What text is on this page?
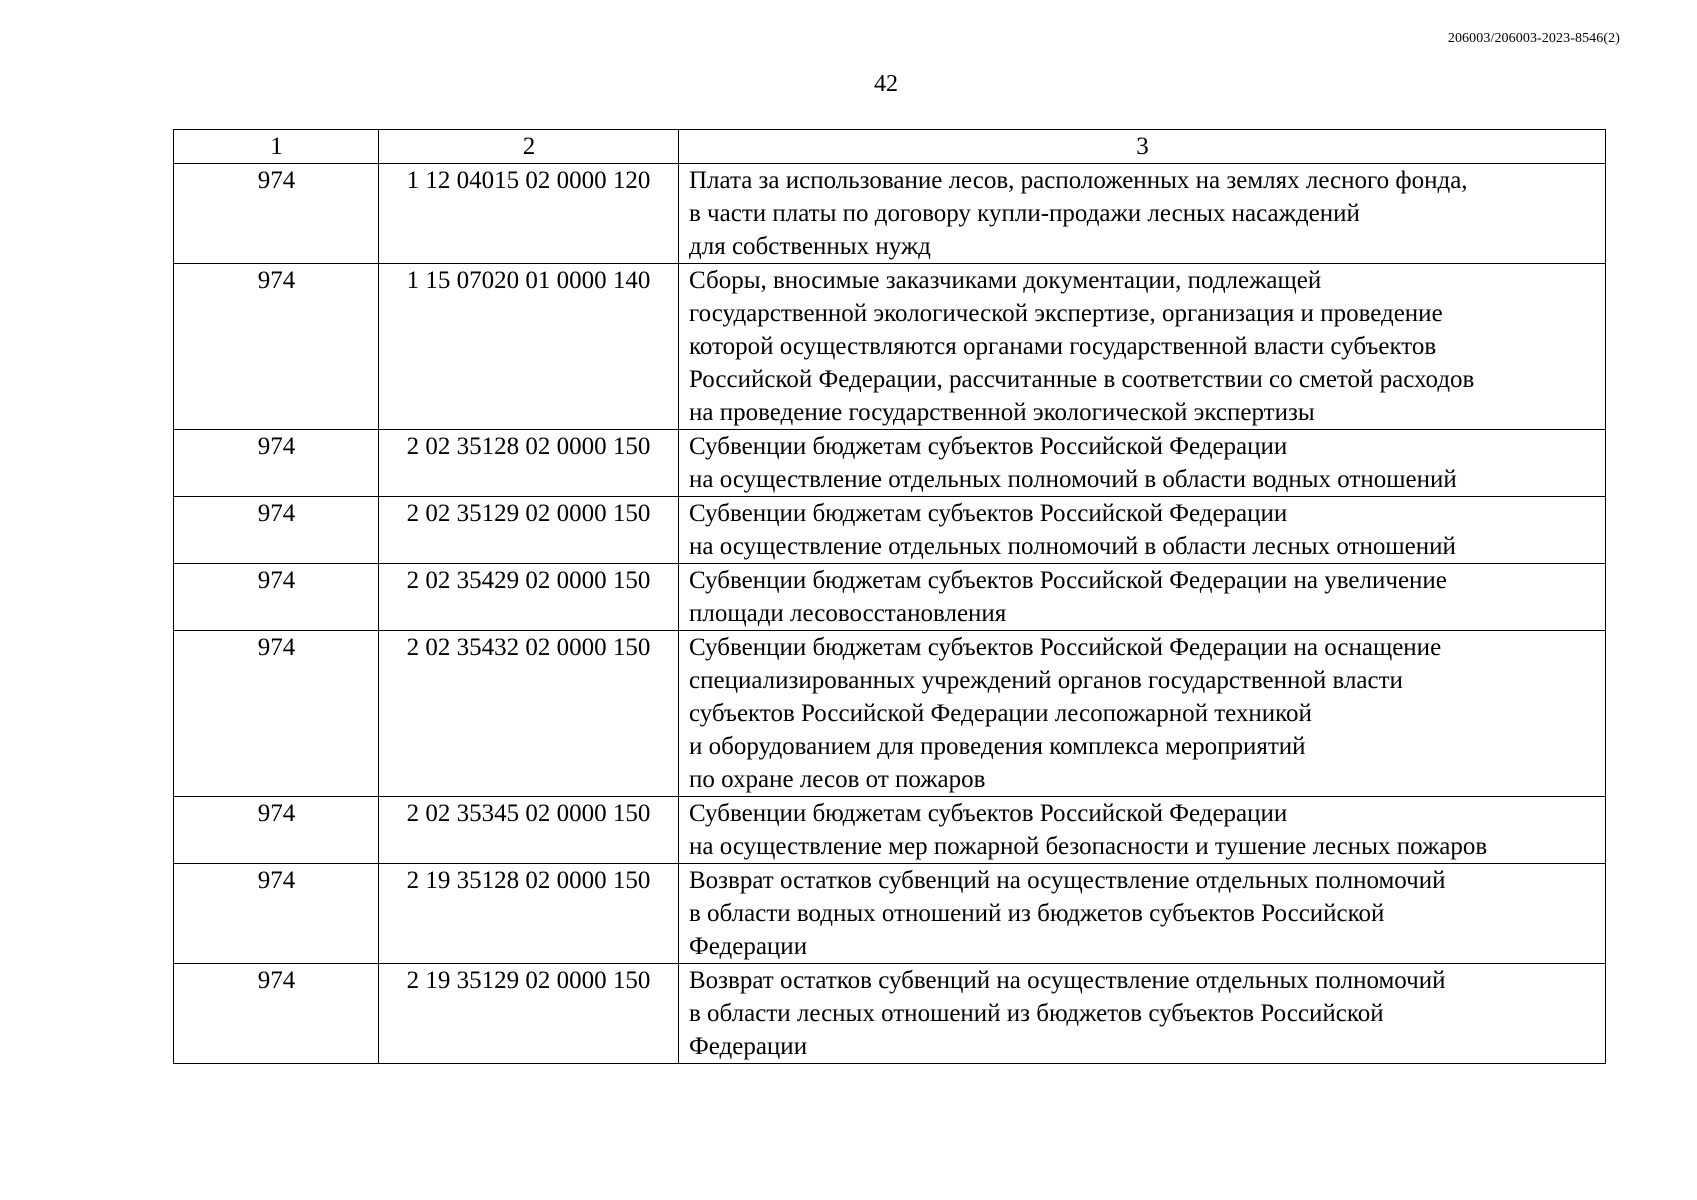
206003/206003-2023-8546(2)
42
1	2	3
974	1 12 04015 02 0000 120	Плата за использование лесов, расположенных на землях лесного фонда,
в части платы по договору купли-продажи лесных насаждений
для собственных нужд

974	1 15 07020 01 0000 140	Сборы, вносимые заказчиками документации, подлежащей
государственной экологической экспертизе, организация и проведение
которой осуществляются органами государственной власти субъектов
Российской Федерации, рассчитанные в соответствии со сметой расходов
на проведение государственной экологической экспертизы

974	2 02 35128 02 0000 150	Субвенции бюджетам субъектов Российской Федерации
на осуществление отдельных полномочий в области водных отношений

974	2 02 35129 02 0000 150	Субвенции бюджетам субъектов Российской Федерации
на осуществление отдельных полномочий в области лесных отношений

974	2 02 35429 02 0000 150	Субвенции бюджетам субъектов Российской Федерации на увеличение
площади лесовосстановления

974	2 02 35432 02 0000 150	Субвенции бюджетам субъектов Российской Федерации на оснащение
специализированных учреждений органов государственной власти
субъектов Российской Федерации лесопожарной техникой
и оборудованием для проведения комплекса мероприятий
по охране лесов от пожаров

974	2 02 35345 02 0000 150	Субвенции бюджетам субъектов Российской Федерации
на осуществление мер пожарной безопасности и тушение лесных пожаров

974	2 19 35128 02 0000 150	Возврат остатков субвенций на осуществление отдельных полномочий
в области водных отношений из бюджетов субъектов Российской
Федерации

974	2 19 35129 02 0000 150	Возврат остатков субвенций на осуществление отдельных полномочий
в области лесных отношений из бюджетов субъектов Российской
Федерации
